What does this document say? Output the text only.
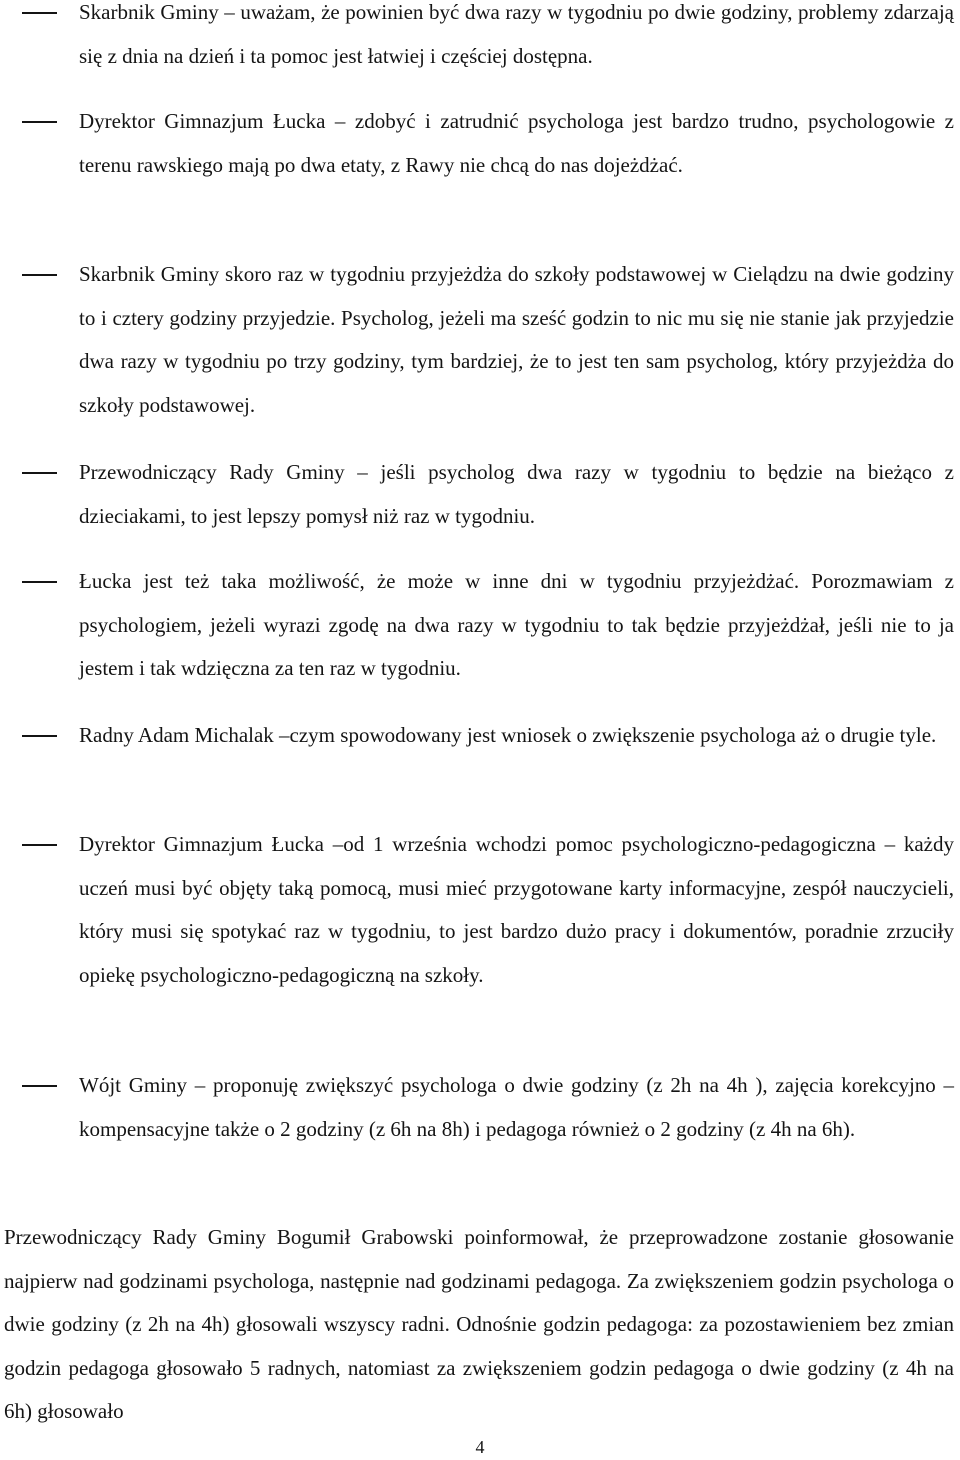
Skarbnik Gminy – uważam, że powinien być dwa razy w tygodniu po dwie godziny, problemy zdarzają się z dnia na dzień i ta pomoc jest łatwiej i częściej dostępna.
Dyrektor Gimnazjum Łucka – zdobyć i zatrudnić psychologa jest bardzo trudno, psychologowie z terenu rawskiego mają po dwa etaty, z Rawy nie chcą do nas dojeżdżać.
Skarbnik Gminy skoro raz w tygodniu przyjeżdża do szkoły podstawowej w Cielądzu na dwie godziny to i cztery godziny przyjedzie. Psycholog, jeżeli ma sześć godzin to nic mu się nie stanie jak przyjedzie dwa razy w tygodniu po trzy godziny, tym bardziej, że to jest ten sam psycholog, który przyjeżdża do szkoły podstawowej.
Przewodniczący Rady Gminy – jeśli psycholog dwa razy w tygodniu to będzie na bieżąco z dzieciakami, to jest lepszy pomysł niż raz w tygodniu.
Łucka jest też taka możliwość, że może w inne dni w tygodniu przyjeżdżać. Porozmawiam z psychologiem, jeżeli wyrazi zgodę na dwa razy w tygodniu to tak będzie przyjeżdżał, jeśli nie to ja jestem i tak wdzięczna za ten raz w tygodniu.
Radny Adam Michalak –czym spowodowany jest wniosek o zwiększenie psychologa aż o drugie tyle.
Dyrektor Gimnazjum Łucka –od 1 września wchodzi pomoc psychologiczno-pedagogiczna – każdy uczeń musi być objęty taką pomocą, musi mieć przygotowane karty informacyjne, zespół nauczycieli, który musi się spotykać raz w tygodniu, to jest bardzo dużo pracy i dokumentów, poradnie zrzuciły opiekę psychologiczno-pedagogiczną na szkoły.
Wójt Gminy – proponuję zwiększyć psychologa o dwie godziny (z 2h na 4h ), zajęcia korekcyjno – kompensacyjne także o 2 godziny (z 6h na 8h) i pedagoga również o 2 godziny (z 4h na 6h).
Przewodniczący Rady Gminy Bogumił Grabowski poinformował, że przeprowadzone zostanie głosowanie najpierw nad godzinami psychologa, następnie nad godzinami pedagoga. Za zwiększeniem godzin psychologa o dwie godziny (z 2h na 4h) głosowali wszyscy radni. Odnośnie godzin pedagoga: za pozostawieniem bez zmian godzin pedagoga głosowało 5 radnych, natomiast za zwiększeniem godzin pedagoga o dwie godziny (z 4h na 6h) głosowało
4
